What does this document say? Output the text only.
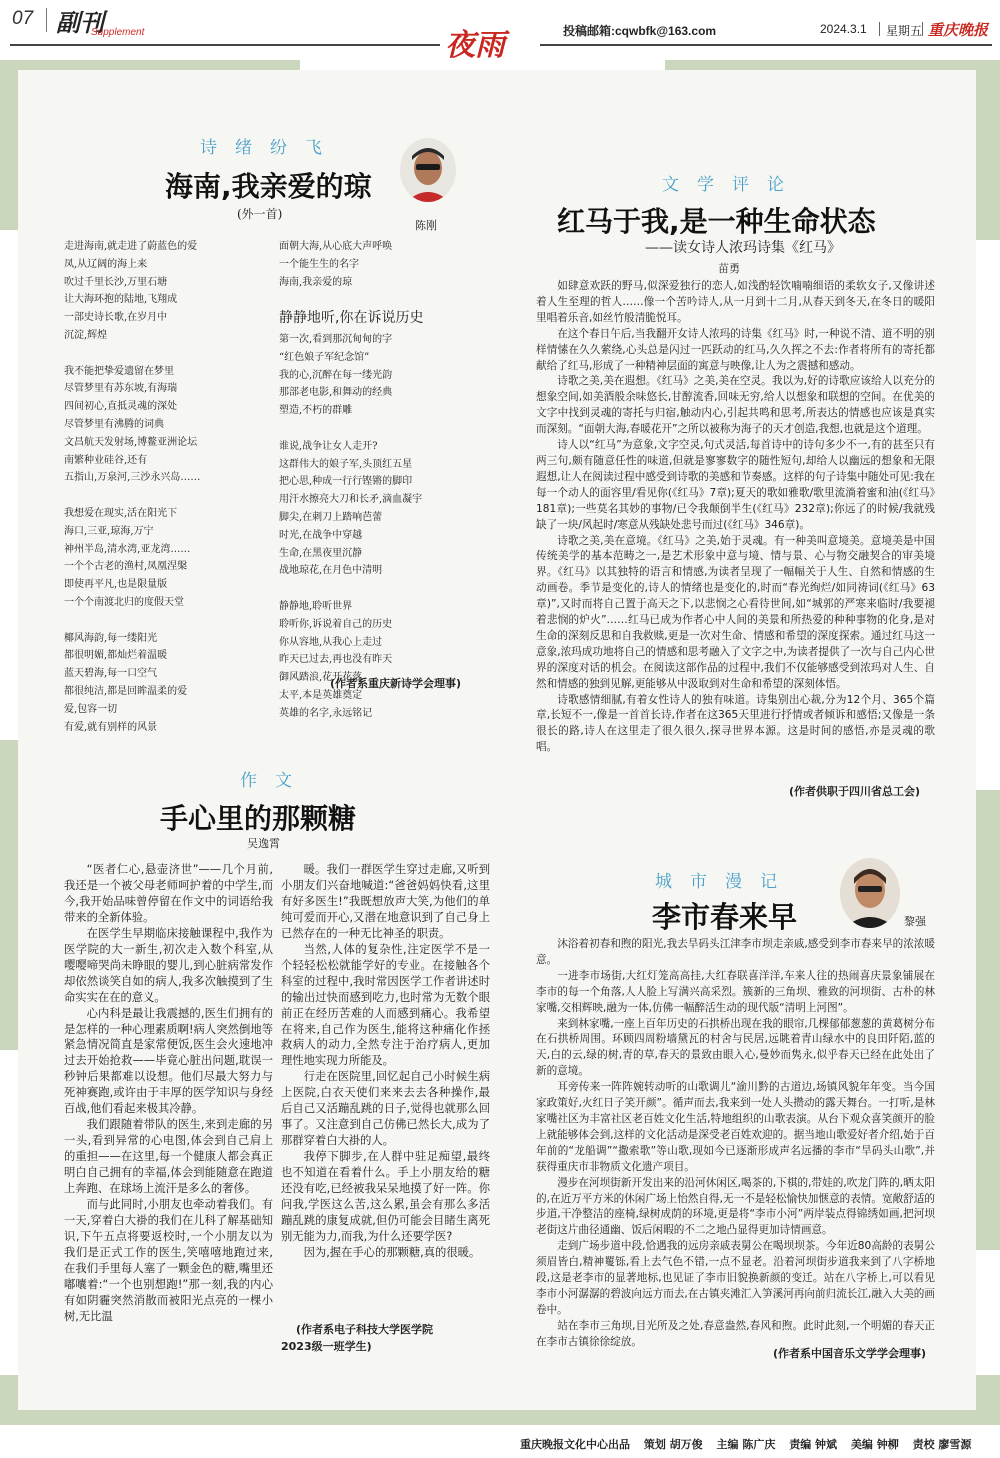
07 副刊
Supplement	夜雨	投稿邮箱:cqwbfk@163.com	2024.3.1 星期五 重庆晚报
诗绪纷飞
海南,我亲爱的琼
(外一首)
陈刚
走进海南,就走进了蔚蓝色的爱
凤,从辽阔的海上来
吹过千里长沙,万里石塘
让大海环抱的陆地,飞翔成
一部史诗长歌,在岁月中
沉淀,辉煌
我不能把挚爱遗留在梦里
尽管梦里有苏东坡,有海瑞
四间初心,直抵灵魂的深处
尽管梦里有沸腾的词典
文昌航天发射场,博鳌亚洲论坛
南繁种业硅谷,还有
五指山,万泉河,三沙永兴岛……
我想爱在现实,活在阳光下
海口,三亚,琼海,万宁
神州半岛,清水湾,亚龙湾……
一个个古老的渔村,凤凰涅槃
即使再平凡,也是限量版
一个个南渡北归的度假天堂
椰风海韵,每一缕阳光
都很明媚,都灿烂着温暖
蓝天碧海,每一口空气
都很纯洁,都是回眸温柔的爱
爱,包容一切
有爱,就有别样的风景
面朝大海,从心底大声呼唤
一个能生生的名字
海南,我亲爱的琼
静静地听,你在诉说历史
第一次,看到那沉甸甸的字
“红色娘子军纪念馆”
我的心,沉醉在每一缕光韵
那部老电影,和舞动的经典
塑造,不朽的群雕
谁说,战争让女人走开?
这群伟大的娘子军,头顶红五星
把心思,种成一行行铿锵的脚印
用汗水擦亮大刀和长矛,滴血凝宇
脚尖,在刺刀上踏响芭蕾
时光,在战争中穿越
生命,在黑夜里沉静
战地琼花,在月色中清明
静静地,聆听世界
聆听你,诉说着自己的历史
你从容地,从我心上走过
昨天已过去,再也没有昨天
御风踏浪,花开花落
太平,本是英雄奠定
英雄的名字,永远铭记
(作者系重庆新诗学会理事)
文学评论
红马于我,是一种生命状态
——读女诗人浓玛诗集《红马》
苗勇

如肆意欢跃的野马,似深爱独行的恋人,如浅酌轻饮喃喃细语的柔软女子,又像讲述着人生至理的哲人……像一个苦吟诗人,从一月到十二月,从春天到冬天,在冬日的暖阳里唱着乐音,如丝竹般清脆悦耳。

在这个春日午后,当我翻开女诗人浓玛的诗集《红马》时,一种说不清、道不明的别样情愫在久久萦绕,心头总是闪过一匹跃动的红马,久久挥之不去:作者将所有的寄托都献给了红马,形成了一种精神层面的寓意与映像,让人为之震撼和感动。

诗歌之美,美在遐想。《红马》之美,美在空灵。我以为,好的诗歌应该给人以充分的想象空间,如美酒般余味悠长,甘醇流香,回味无穷,给人以想象和联想的空间。在优美的文字中找到灵魂的寄托与归宿,触动内心,引起共鸣和思考,所表达的情感也应该是真实而深刻。“面朝大海,春暖花开”之所以被称为海子的天才创造,我想,也就是这个道理。

诗人以“红马”为意象,文字空灵,句式灵活,每首诗中的诗句多少不一,有的甚至只有两三句,颇有随意任性的味道,但就是寥寥数字的随性短句,却给人以幽远的想象和无限遐想,让人在阅读过程中感受到诗歌的美感和节奏感。这样的句子诗集中随处可见:我在每一个动人的面容里/看见你(《红马》7章);夏天的歌如雅歌/歌里流淌着蜜和油(《红马》181章);一些莫名其妙的事物/已令我颠倒半生(《红马》232章);你远了的时候/我就残缺了一块/风起时/寒意从残缺处悲号而过(《红马》346章)。

诗歌之美,美在意境。《红马》之美,始于灵魂。有一种美叫意境美。意境美是中国传统美学的基本范畴之一,是艺术形象中意与境、情与景、心与物交融契合的审美境界。《红马》以其独特的语言和情感,为读者呈现了一幅幅关于人生、自然和情感的生动画卷。季节是变化的,诗人的情绪也是变化的,时而“春光绚烂/如同祷词(《红马》63章)”,又时而将自己置于高天之下,以悲悯之心看待世间,如“城郭的严寒来临时/我要褪着悲悯的炉火”……红马已成为作者心中人间的美景和所热爱的种种事物的化身,是对生命的深刻反思和自我救赎,更是一次对生命、情感和希望的深度探索。通过红马这一意象,浓玛成功地将自己的情感和思考融入了文字之中,为读者提供了一次与自己内心世界的深度对话的机会。在阅读这部作品的过程中,我们不仅能够感受到浓玛对人生、自然和情感的独到见解,更能够从中汲取到对生命和希望的深刻体悟。

诗歌感情细腻,有着女性诗人的独有味道。诗集别出心裁,分为12个月、365个篇章,长短不一,像是一首首长诗,作者在这365天里进行抒情或者倾诉和感悟;又像是一条很长的路,诗人在这里走了很久很久,探寻世界本源。这是时间的感悟,亦是灵魂的歌唱。

(作者供职于四川省总工会)
作文
手心里的那颗糖
吴逸霄

“医者仁心,悬壶济世”——几个月前,我还是一个被父母老师呵护着的中学生,而今,我开始品味曾停留在作文中的词语给我带来的全新体验。

在医学生早期临床接触课程中,我作为医学院的大一新生,初次走入数个科室,从嘤嘤啼哭尚未睁眼的婴儿,到心脏病常发作却依然谈笑自如的病人,我多次触摸到了生命实实在在的意义。

心内科是最让我震撼的,医生们拥有的是怎样的一种心理素质啊!病人突然倒地等紧急情况简直是家常便饭,医生会火速地冲过去开始抢救——毕竟心脏出问题,耽误一秒钟后果都难以设想。他们尽最大努力与死神赛跑,或许由于丰厚的医学知识与身经百战,他们看起来极其冷静。

我们跟随着带队的医生,来到走廊的另一头,看到异常的心电图,体会到自己肩上的重担——在这里,每一个健康人都会真正明白自己拥有的幸福,体会到能随意在跑道上奔跑、在球场上流汗是多么的奢侈。

而与此同时,小朋友也牵动着我们。有一天,穿着白大褂的我们在儿科了解基础知识,下午五点将要返校时,一个小朋友以为我们是正式工作的医生,笑嘻嘻地跑过来,在我们手里每人塞了一颗金色的糖,嘴里还嘟囔着:“一个也别想跑!”那一刻,我的内心有如阴霾突然消散而被阳光点亮的一棵小树,无比温

暖。我们一群医学生穿过走廊,又听到小朋友们兴奋地喊道:“爸爸妈妈快看,这里有好多医生!”我既想放声大笑,为他们的单纯可爱而开心,又潜在地意识到了自己身上已然存在的一种无比神圣的职责。

当然,人体的复杂性,注定医学不是一个轻轻松松就能学好的专业。在接触各个科室的过程中,我时常因医学工作者讲述时的输出过快而感到吃力,也时常为无数个眼前正在经历苦难的人而感到痛心。我希望在将来,自己作为医生,能将这种痛化作拯救病人的动力,全然专注于治疗病人,更加理性地实现力所能及。

行走在医院里,回忆起自己小时候生病上医院,白衣天使们来来去去各种操作,最后自己又活蹦乱跳的日子,觉得也就那么回事了。又注意到自己仿佛已然长大,成为了那群穿着白大褂的人。

我停下脚步,在人群中驻足痴望,最终也不知道在看着什么。手上小朋友给的糖还没有吃,已经被我呆呆地摸了好一阵。你问我,学医这么苦,这么累,虽会有那么多活蹦乱跳的康复成就,但仍可能会目睹生离死别无能为力,而我,为什么还要学医?

因为,握在手心的那颗糖,真的很暖。

(作者系电子科技大学医学院
2023级一班学生)
城市漫记
李市春来早	黎强

沐浴着初春和煦的阳光,我去旱码头江津李市坝走亲戚,感受到李市春来早的浓浓暖意。

一进李市场街,大红灯笼高高挂,大红春联喜洋洋,车来人往的热闹喜庆景象铺展在李市的每一个角落,人人脸上写满兴高采烈。簇新的三角坝、雅致的河坝街、古朴的林家嘴,交相辉映,融为一体,仿佛一幅醉活生动的现代版“清明上河图”。

来到林家嘴,一座上百年历史的石拱桥出现在我的眼帘,几棵郁郁葱葱的黄葛树分布在石拱桥周围。环顾四周粉墙黛瓦的村舍与民居,远眺着青山绿水中的良田阡陌,蓝的天,白的云,绿的树,青的草,春天的景致由眼入心,曼妙而隽永,似乎春天已经在此处出了新的意境。

耳旁传来一阵阵婉转动听的山歌调儿“渝川黔的古道边,场镇风貌年年变。当今国家政策好,火红日子笑开颜”。循声而去,我来到一处人头攒动的露天舞台。一打听,是林家嘴社区为丰富社区老百姓文化生活,特地组织的山歌表演。从台下观众喜笑颜开的脸上就能够体会到,这样的文化活动是深受老百姓欢迎的。据当地山歌爱好者介绍,始于百年前的“龙船调”“撒索歌”等山歌,现如今已逐渐形成声名远播的李市“旱码头山歌”,并获得重庆市非物质文化遗产项目。

漫步在河坝街新开发出来的沿河休闲区,喝茶的,下棋的,带娃的,吹龙门阵的,晒太阳的,在近万平方米的休闲广场上怡然自得,无一不是轻松愉快加惬意的表情。宽敞舒适的步道,干净整洁的座椅,绿树成荫的环境,更是将“李市小河”两岸装点得锦绣如画,把河坝老街这片曲径通幽、饭后闲暇的不二之地凸显得更加诗情画意。

走到广场步道中段,恰遇我的远房亲戚表舅公在喝坝坝茶。今年近80高龄的表舅公须眉皆白,精神矍铄,看上去气色不错,一点不显老。沿着河坝街步道我来到了八字桥地段,这是老李市的显著地标,也见证了李市旧貌换新颜的变迁。站在八字桥上,可以看见李市小河潺潺的碧波向远方而去,在古镇夹滩汇入笋溪河再向前归流长江,融入大美的画卷中。

站在李市三角坝,目光所及之处,春意盎然,春风和煦。此时此刻,一个明媚的春天正在李市古镇徐徐绽放。

(作者系中国音乐文学学会理事)
重庆晚报文化中心出品 策划 胡万俊 主编 陈广庆 责编 钟斌 美编 钟柳 责校 廖雪源
